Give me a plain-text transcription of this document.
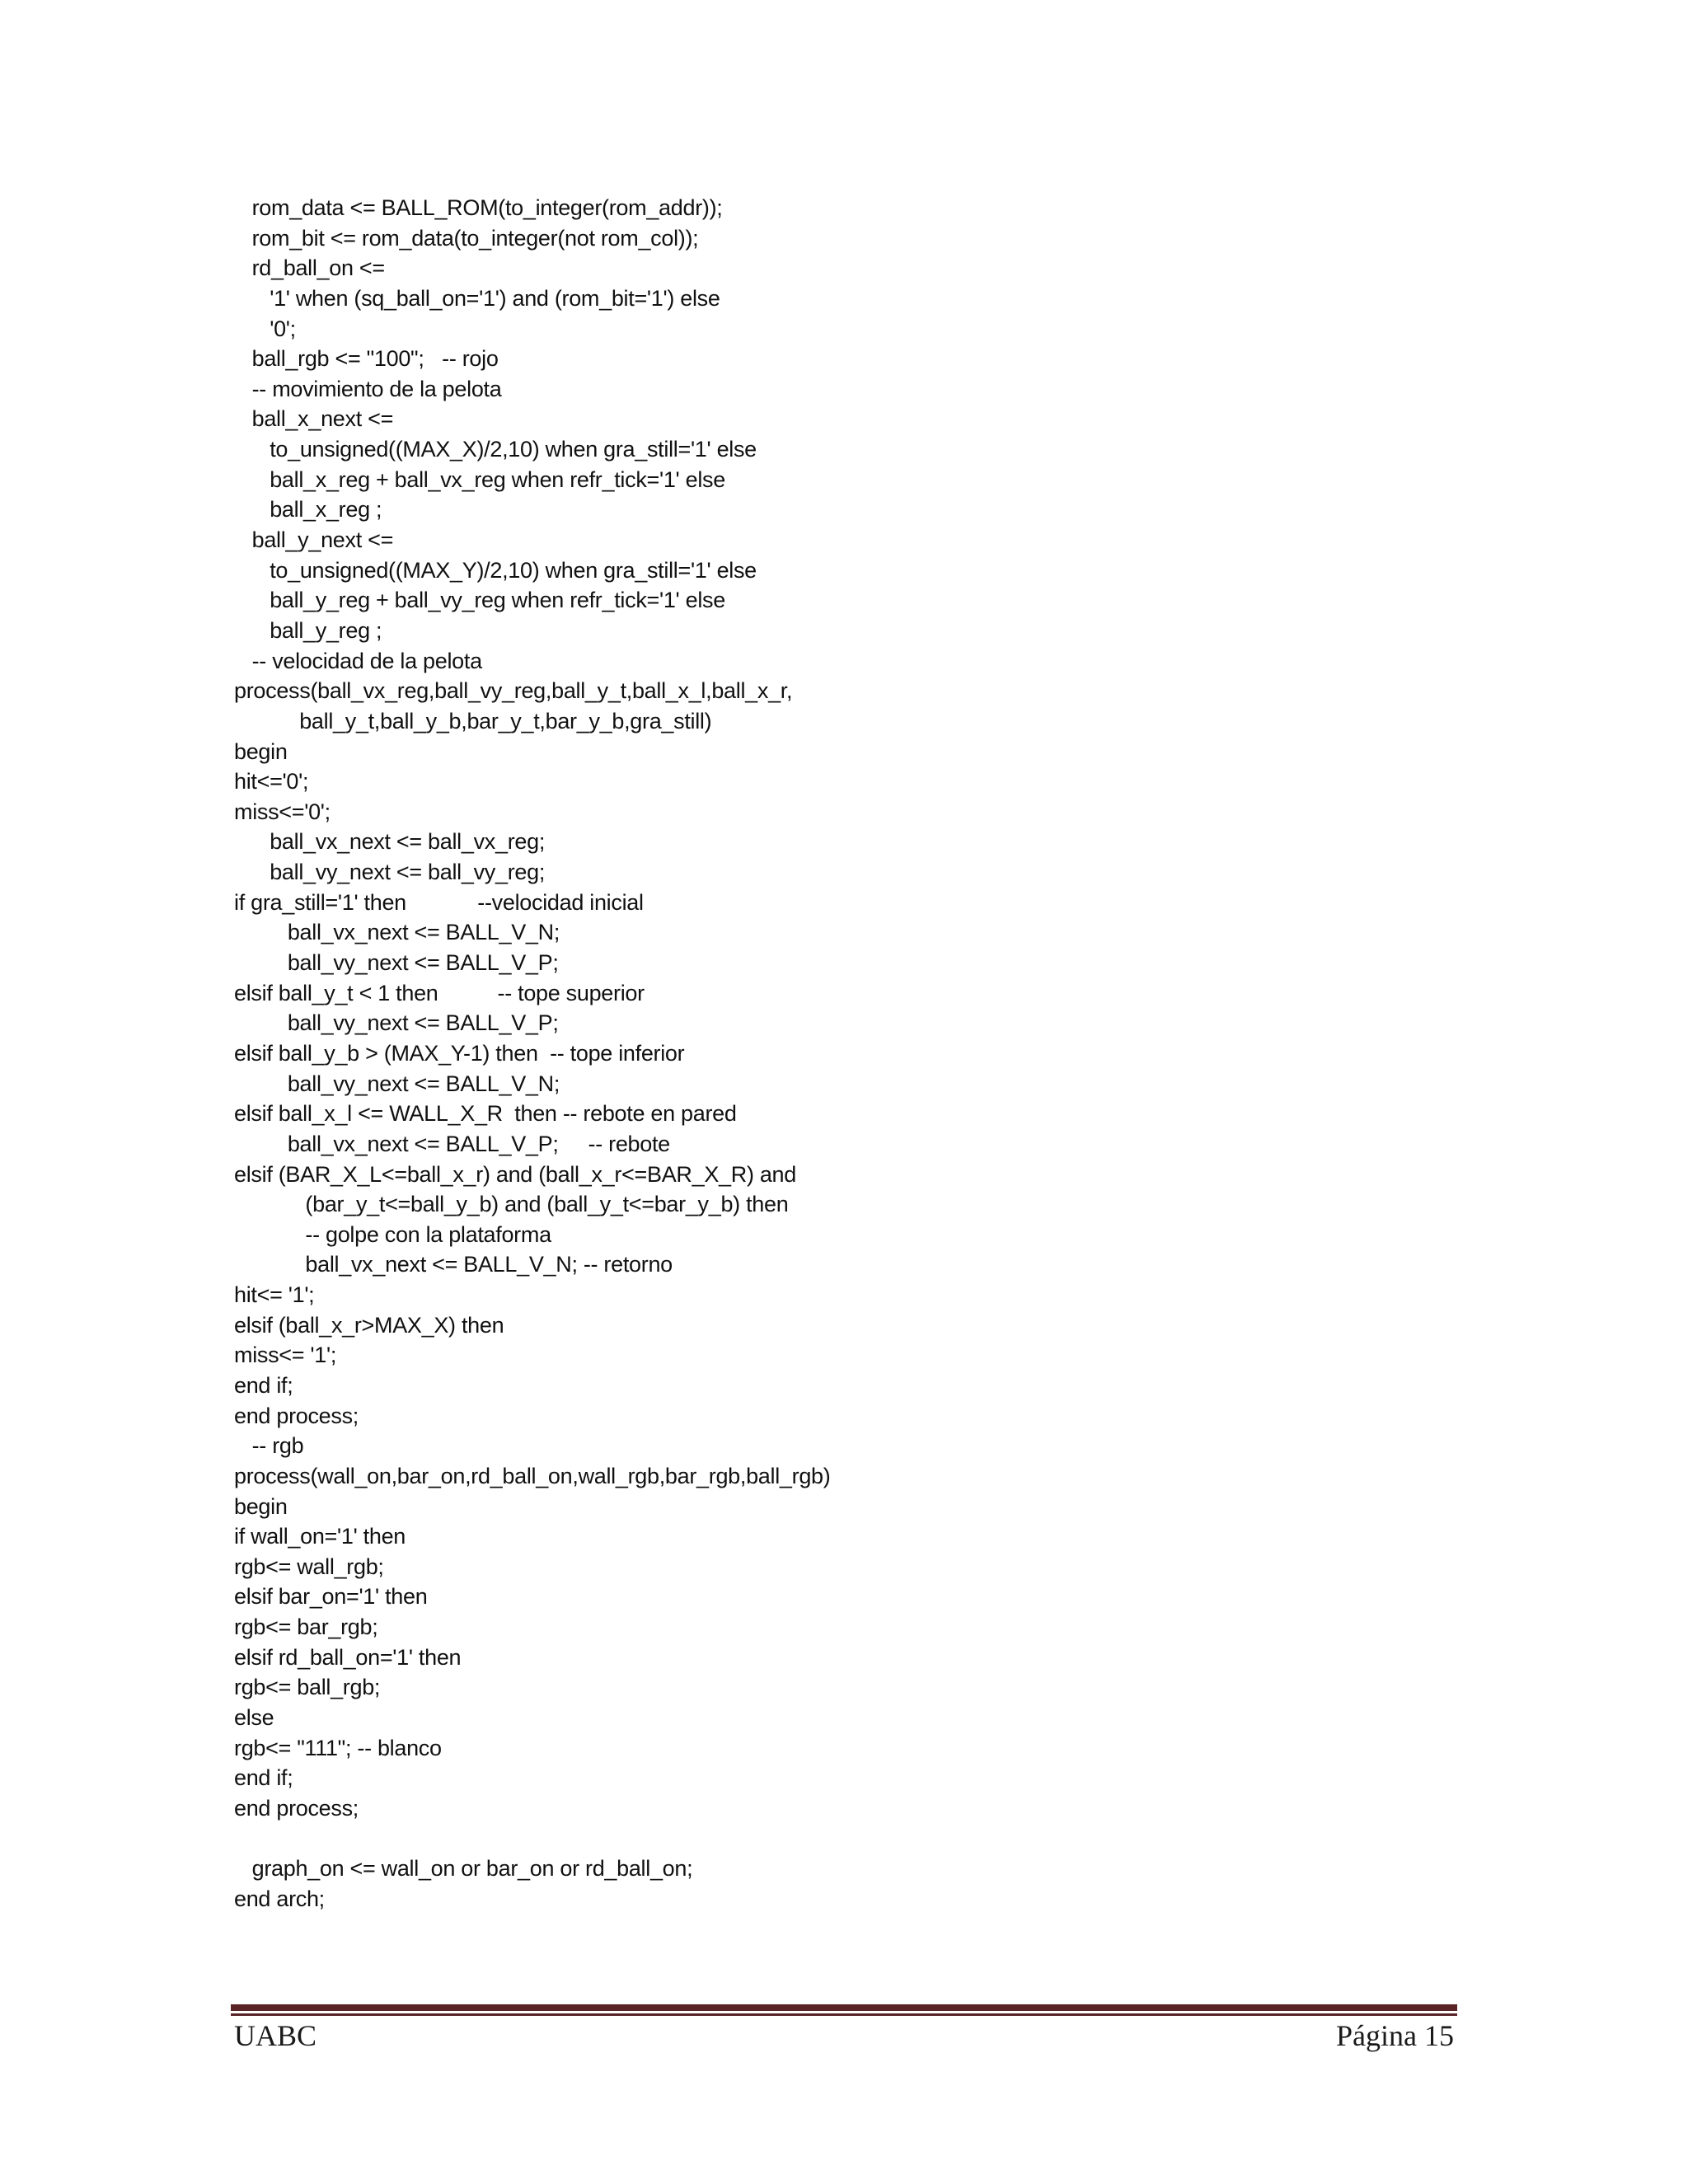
rom_data <= BALL_ROM(to_integer(rom_addr));
rom_bit <= rom_data(to_integer(not rom_col));
rd_ball_on <=
'1' when (sq_ball_on='1') and (rom_bit='1') else
'0';
ball_rgb <= "100";   -- rojo
-- movimiento de la pelota
ball_x_next <=
to_unsigned((MAX_X)/2,10) when gra_still='1' else
ball_x_reg + ball_vx_reg when refr_tick='1' else
ball_x_reg ;
ball_y_next <=
to_unsigned((MAX_Y)/2,10) when gra_still='1' else
ball_y_reg + ball_vy_reg when refr_tick='1' else
ball_y_reg ;
-- velocidad de la pelota
process(ball_vx_reg,ball_vy_reg,ball_y_t,ball_x_l,ball_x_r,
ball_y_t,ball_y_b,bar_y_t,bar_y_b,gra_still)
begin
hit<='0';
miss<='0';
ball_vx_next <= ball_vx_reg;
ball_vy_next <= ball_vy_reg;
if gra_still='1' then            --velocidad inicial
ball_vx_next <= BALL_V_N;
ball_vy_next <= BALL_V_P;
elsif ball_y_t < 1 then          -- tope superior
ball_vy_next <= BALL_V_P;
elsif ball_y_b > (MAX_Y-1) then  -- tope inferior
ball_vy_next <= BALL_V_N;
elsif ball_x_l <= WALL_X_R  then -- rebote en pared
ball_vx_next <= BALL_V_P;     -- rebote
elsif (BAR_X_L<=ball_x_r) and (ball_x_r<=BAR_X_R) and
(bar_y_t<=ball_y_b) and (ball_y_t<=bar_y_b) then
-- golpe con la plataforma
ball_vx_next <= BALL_V_N; -- retorno
hit<= '1';
elsif (ball_x_r>MAX_X) then
miss<= '1';
end if;
end process;
-- rgb
process(wall_on,bar_on,rd_ball_on,wall_rgb,bar_rgb,ball_rgb)
begin
if wall_on='1' then
rgb<= wall_rgb;
elsif bar_on='1' then
rgb<= bar_rgb;
elsif rd_ball_on='1' then
rgb<= ball_rgb;
else
rgb<= "111"; -- blanco
end if;
end process;
graph_on <= wall_on or bar_on or rd_ball_on;
end arch;
UABC	Página 15
